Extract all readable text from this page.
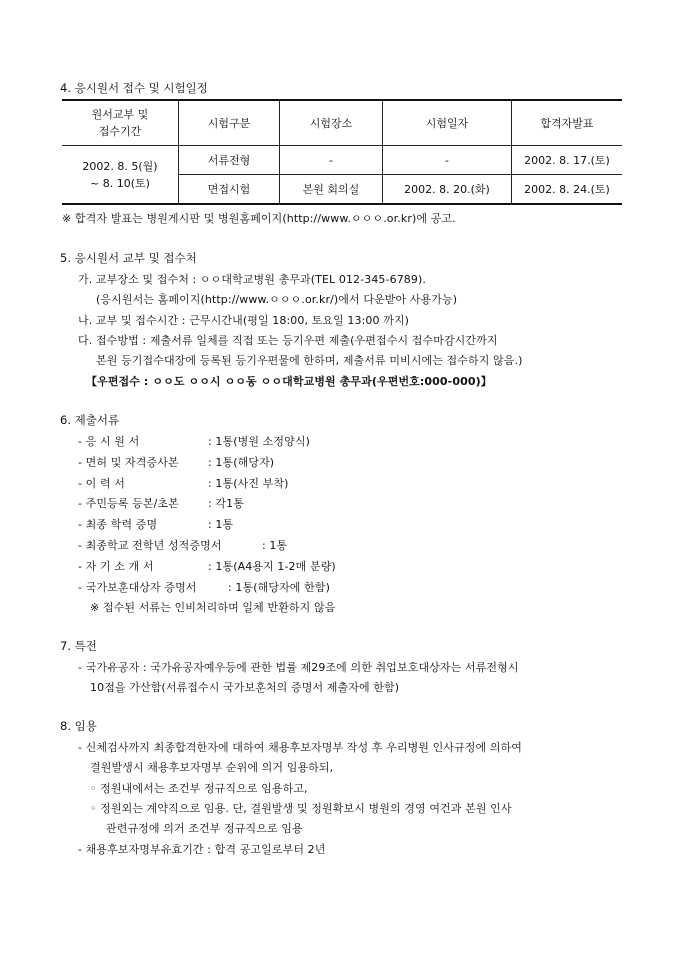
4. 응시원서 접수 및 시험일정
원서교부 및
접수기간	시험구분	시험장소	시험일자	합격자발표

2002. 8. 5(월)
~ 8. 10(토)	서류전형	-	-	2002. 8. 17.(토)
	면접시험	본원 회의실	2002. 8. 20.(화)	2002. 8. 24.(토)
※ 합격자 발표는 병원게시판 및 병원홈페이지(http://www.ㅇㅇㅇ.or.kr)에 공고.
5. 응시원서 교부 및 접수처
가. 교부장소 및 접수처 : ㅇㅇ대학교병원 총무과(TEL 012-345-6789).
(응시원서는 홈페이지(http://www.ㅇㅇㅇ.or.kr/)에서 다운받아 사용가능)
나. 교부 및 접수시간 : 근무시간내(평일 18:00, 토요일 13:00 까지)
다. 접수방법 : 제출서류 일체를 직접 또는 등기우편 제출(우편접수시 접수마감시간까지
본원 등기접수대장에 등록된 등기우편물에 한하며, 제출서류 미비시에는 접수하지 않음.)
【우편접수 : ㅇㅇ도 ㅇㅇ시 ㅇㅇ동 ㅇㅇ대학교병원 총무과(우편번호:000-000)】
6. 제출서류
- 응 시 원 서	: 1통(병원 소정양식)
- 면허 및 자격증사본	: 1통(해당자)
- 이 력 서	: 1통(사진 부착)
- 주민등록 등본/초본	: 각1통
- 최종 학력 증명	: 1통
- 최종학교 전학년 성적증명서	: 1통
- 자 기 소 개 서	: 1통(A4용지 1-2매 분량)
- 국가보훈대상자 증명서	: 1통(해당자에 한함)
※ 접수된 서류는 인비처리하며 일체 반환하지 않음
7. 특전
- 국가유공자 : 국가유공자예우등에 관한 법률 제29조에 의한 취업보호대상자는 서류전형시
10점을 가산함(서류접수시 국가보훈처의 증명서 제출자에 한함)
8. 임용
- 신체검사까지 최종합격한자에 대하여 채용후보자명부 작성 후 우리병원 인사규정에 의하여
결원발생시 채용후보자명부 순위에 의거 임용하되,
◦ 정원내에서는 조건부 정규직으로 임용하고,
◦ 정원외는 계약직으로 임용. 단, 결원발생 및 정원확보시 병원의 경영 여건과 본원 인사
관련규정에 의거 조건부 정규직으로 임용
- 채용후보자명부유효기간 : 합격 공고일로부터 2년
